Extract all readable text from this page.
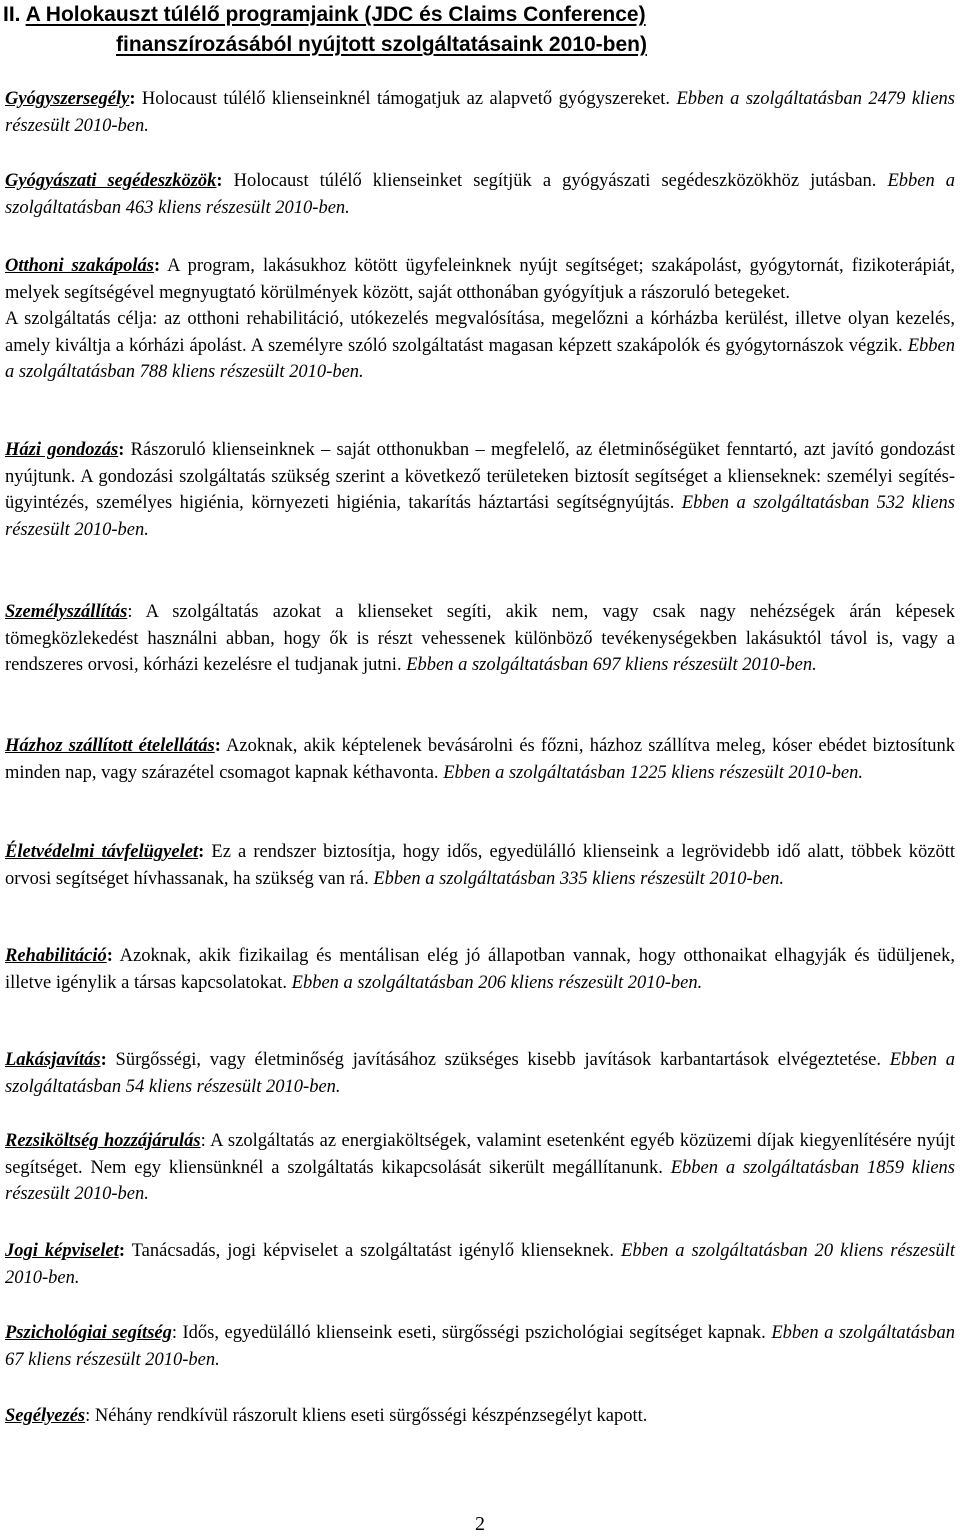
II. A Holokauszt túlélő programjaink (JDC és Claims Conference)
finanszírozásából nyújtott szolgáltatásaink 2010-ben)
Gyógyszersegély: Holocaust túlélő klienseinknél támogatjuk az alapvető gyógyszereket. Ebben a szolgáltatásban 2479 kliens részesült 2010-ben.
Gyógyászati segédeszközök: Holocaust túlélő klienseinket segítjük a gyógyászati segédeszközökhöz jutásban. Ebben a szolgáltatásban 463 kliens részesült 2010-ben.

Otthoni szakápolás: A program, lakásukhoz kötött ügyfeleinknek nyújt segítséget; szakápolást, gyógytornát, fizikoterápiát, melyek segítségével megnyugtató körülmények között, saját otthonában gyógyítjuk a rászoruló betegeket.

A szolgáltatás célja: az otthoni rehabilitáció, utókezelés megvalósítása, megelőzni a kórházba kerülést, illetve olyan kezelés, amely kiváltja a kórházi ápolást. A személyre szóló szolgáltatást magasan képzett szakápolók és gyógytornászok végzik. Ebben a szolgáltatásban 788 kliens részesült 2010-ben.

Házi gondozás: Rászoruló klienseinknek – saját otthonukban – megfelelő, az életminőségüket fenntartó, azt javító gondozást nyújtunk. A gondozási szolgáltatás szükség szerint a következő területeken biztosít segítséget a klienseknek: személyi segítés-ügyintézés, személyes higiénia, környezeti higiénia, takarítás háztartási segítségnyújtás. Ebben a szolgáltatásban 532 kliens részesült 2010-ben.
Személyszállítás: A szolgáltatás azokat a klienseket segíti, akik nem, vagy csak nagy nehézségek árán képesek tömegközlekedést használni abban, hogy ők is részt vehessenek különböző tevékenységekben lakásuktól távol is, vagy a rendszeres orvosi, kórházi kezelésre el tudjanak jutni. Ebben a szolgáltatásban 697 kliens részesült 2010-ben.
Házhoz szállított ételellátás: Azoknak, akik képtelenek bevásárolni és főzni, házhoz szállítva meleg, kóser ebédet biztosítunk minden nap, vagy szárazétel csomagot kapnak kéthavonta. Ebben a szolgáltatásban 1225 kliens részesült 2010-ben.
Életvédelmi távfelügyelet: Ez a rendszer biztosítja, hogy idős, egyedülálló klienseink a legrövidebb idő alatt, többek között orvosi segítséget hívhassanak, ha szükség van rá. Ebben a szolgáltatásban 335 kliens részesült 2010-ben.
Rehabilitáció: Azoknak, akik fizikailag és mentálisan elég jó állapotban vannak, hogy otthonaikat elhagyják és üdüljenek, illetve igénylik a társas kapcsolatokat. Ebben a szolgáltatásban 206 kliens részesült 2010-ben.
Lakásjavítás: Sürgősségi, vagy életminőség javításához szükséges kisebb javítások karbantartások elvégeztetése. Ebben a szolgáltatásban 54 kliens részesült 2010-ben.
Rezsiköltség hozzájárulás: A szolgáltatás az energiaköltségek, valamint esetenként egyéb közüzemi díjak kiegyenlítésére nyújt segítséget. Nem egy kliensünknél a szolgáltatás kikapcsolását sikerült megállítanunk. Ebben a szolgáltatásban 1859 kliens részesült 2010-ben.
Jogi képviselet: Tanácsadás, jogi képviselet a szolgáltatást igénylő klienseknek. Ebben a szolgáltatásban 20 kliens részesült 2010-ben.
Pszichológiai segítség: Idős, egyedülálló klienseink eseti, sürgősségi pszichológiai segítséget kapnak. Ebben a szolgáltatásban 67 kliens részesült 2010-ben.
Segélyezés: Néhány rendkívül rászorult kliens eseti sürgősségi készpénzsegélyt kapott.
2
